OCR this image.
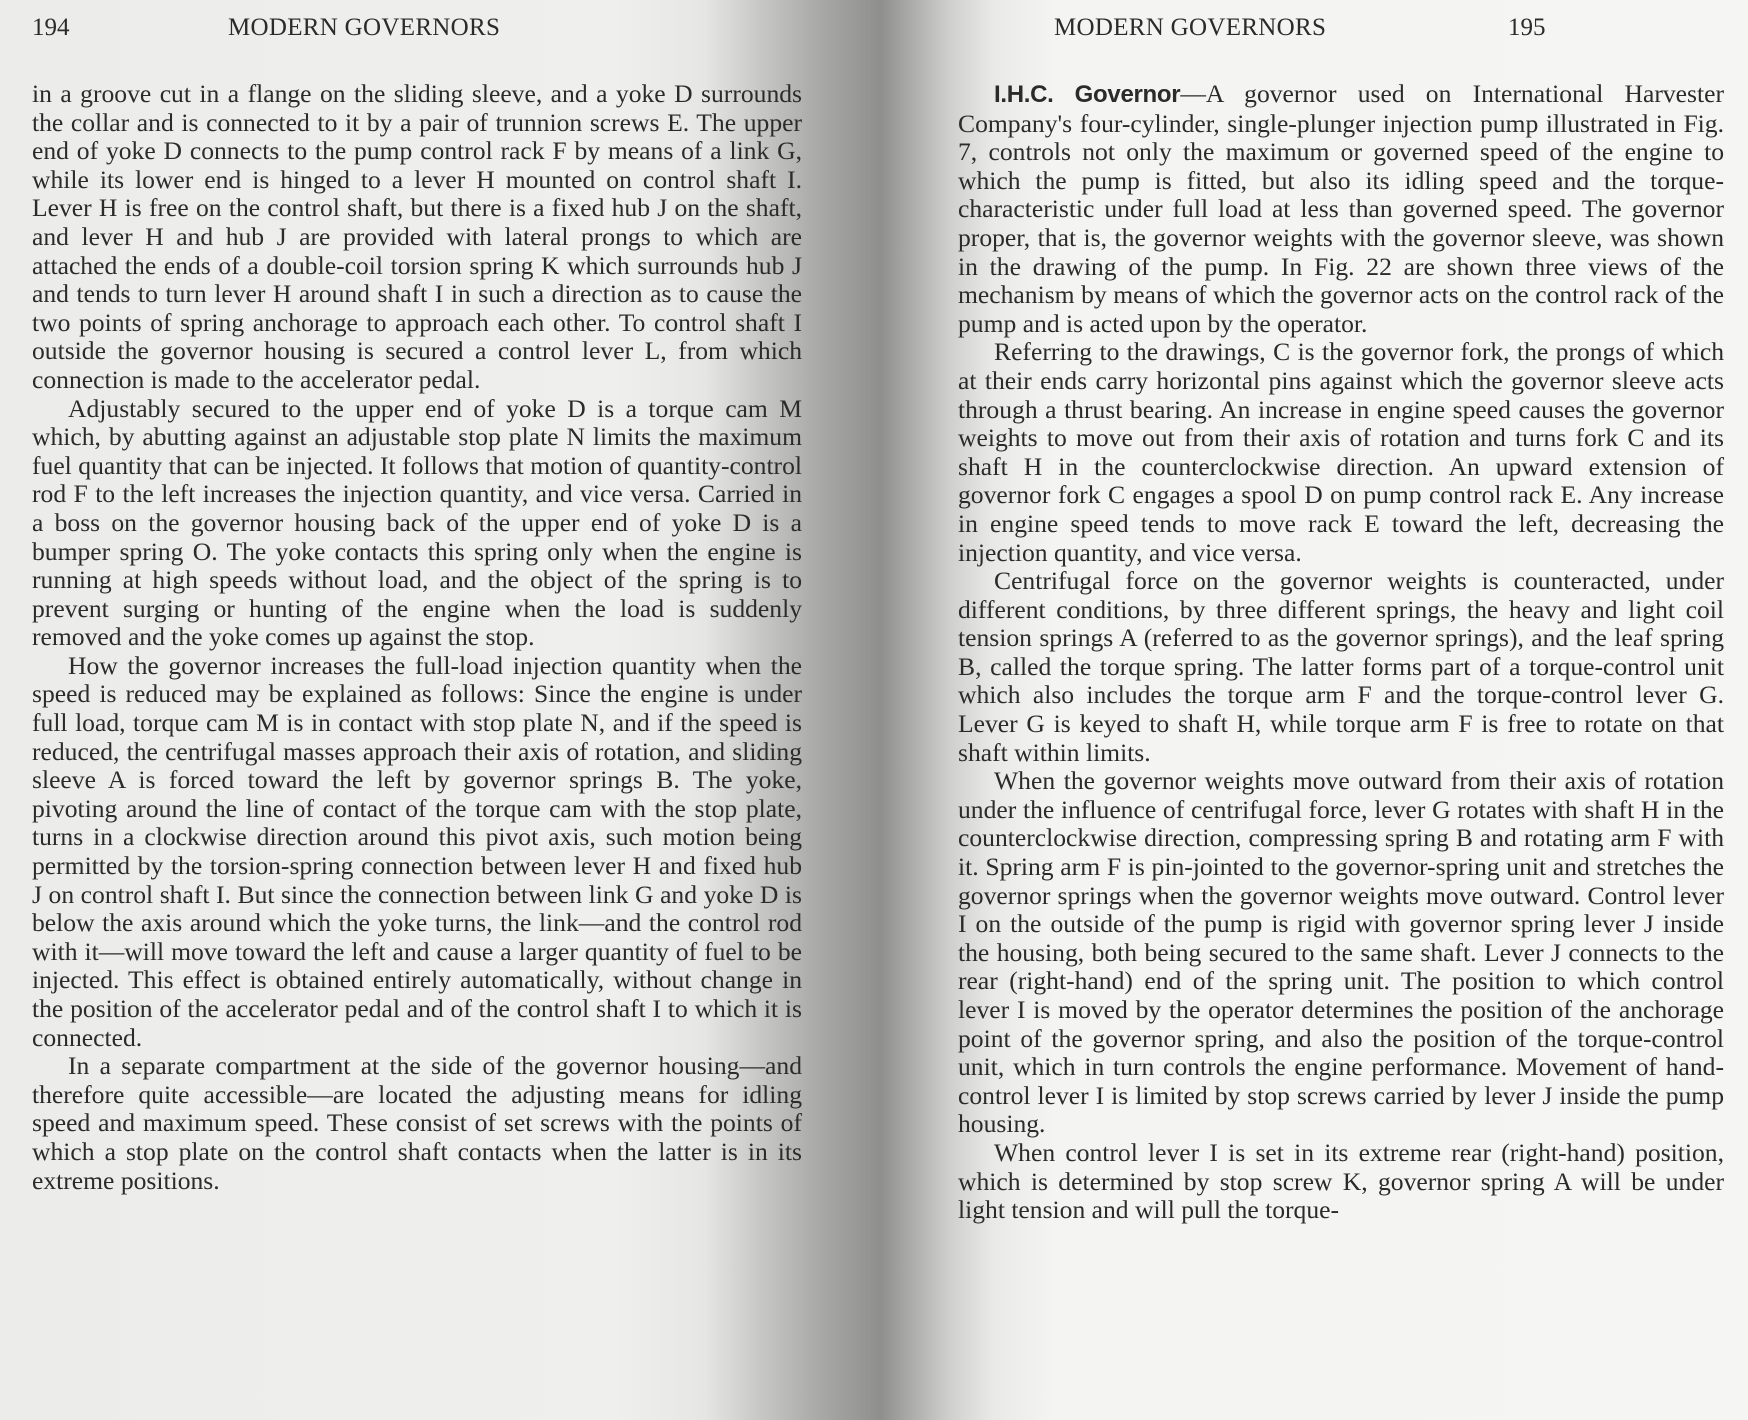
194	MODERN GOVERNORS

in a groove cut in a flange on the sliding sleeve, and a yoke D surrounds the collar and is connected to it by a pair of trunnion screws E. The upper end of yoke D connects to the pump control rack F by means of a link G, while its lower end is hinged to a lever H mounted on control shaft I. Lever H is free on the control shaft, but there is a fixed hub J on the shaft, and lever H and hub J are provided with lateral prongs to which are attached the ends of a double-coil torsion spring K which surrounds hub J and tends to turn lever H around shaft I in such a direction as to cause the two points of spring anchorage to approach each other. To control shaft I outside the governor housing is secured a control lever L, from which connection is made to the accelerator pedal.

Adjustably secured to the upper end of yoke D is a torque cam M which, by abutting against an adjustable stop plate N limits the maximum fuel quantity that can be injected. It follows that motion of quantity-control rod F to the left increases the injection quantity, and vice versa. Carried in a boss on the governor housing back of the upper end of yoke D is a bumper spring O. The yoke contacts this spring only when the engine is running at high speeds without load, and the object of the spring is to prevent surging or hunting of the engine when the load is suddenly removed and the yoke comes up against the stop.

How the governor increases the full-load injection quantity when the speed is reduced may be explained as follows: Since the engine is under full load, torque cam M is in contact with stop plate N, and if the speed is reduced, the centrifugal masses approach their axis of rotation, and sliding sleeve A is forced toward the left by governor springs B. The yoke, pivoting around the line of contact of the torque cam with the stop plate, turns in a clockwise direction around this pivot axis, such motion being permitted by the torsion-spring connection between lever H and fixed hub J on control shaft I. But since the connection between link G and yoke D is below the axis around which the yoke turns, the link—and the control rod with it—will move toward the left and cause a larger quantity of fuel to be injected. This effect is obtained entirely automatically, without change in the position of the accelerator pedal and of the control shaft I to which it is connected.

In a separate compartment at the side of the governor housing—and therefore quite accessible—are located the adjusting means for idling speed and maximum speed. These consist of set screws with the points of which a stop plate on the control shaft contacts when the latter is in its extreme positions.

MODERN GOVERNORS	195

I.H.C. Governor—A governor used on International Harvester Company's four-cylinder, single-plunger injection pump illustrated in Fig. 7, controls not only the maximum or governed speed of the engine to which the pump is fitted, but also its idling speed and the torque-characteristic under full load at less than governed speed. The governor proper, that is, the governor weights with the governor sleeve, was shown in the drawing of the pump. In Fig. 22 are shown three views of the mechanism by means of which the governor acts on the control rack of the pump and is acted upon by the operator.

Referring to the drawings, C is the governor fork, the prongs of which at their ends carry horizontal pins against which the governor sleeve acts through a thrust bearing. An increase in engine speed causes the governor weights to move out from their axis of rotation and turns fork C and its shaft H in the counterclockwise direction. An upward extension of governor fork C engages a spool D on pump control rack E. Any increase in engine speed tends to move rack E toward the left, decreasing the injection quantity, and vice versa.

Centrifugal force on the governor weights is counteracted, under different conditions, by three different springs, the heavy and light coil tension springs A (referred to as the governor springs), and the leaf spring B, called the torque spring. The latter forms part of a torque-control unit which also includes the torque arm F and the torque-control lever G. Lever G is keyed to shaft H, while torque arm F is free to rotate on that shaft within limits.

When the governor weights move outward from their axis of rotation under the influence of centrifugal force, lever G rotates with shaft H in the counterclockwise direction, compressing spring B and rotating arm F with it. Spring arm F is pin-jointed to the governor-spring unit and stretches the governor springs when the governor weights move outward. Control lever I on the outside of the pump is rigid with governor spring lever J inside the housing, both being secured to the same shaft. Lever J connects to the rear (right-hand) end of the spring unit. The position to which control lever I is moved by the operator determines the position of the anchorage point of the governor spring, and also the position of the torque-control unit, which in turn controls the engine performance. Movement of hand-control lever I is limited by stop screws carried by lever J inside the pump housing.

When control lever I is set in its extreme rear (right-hand) position, which is determined by stop screw K, governor spring A will be under light tension and will pull the torque-
